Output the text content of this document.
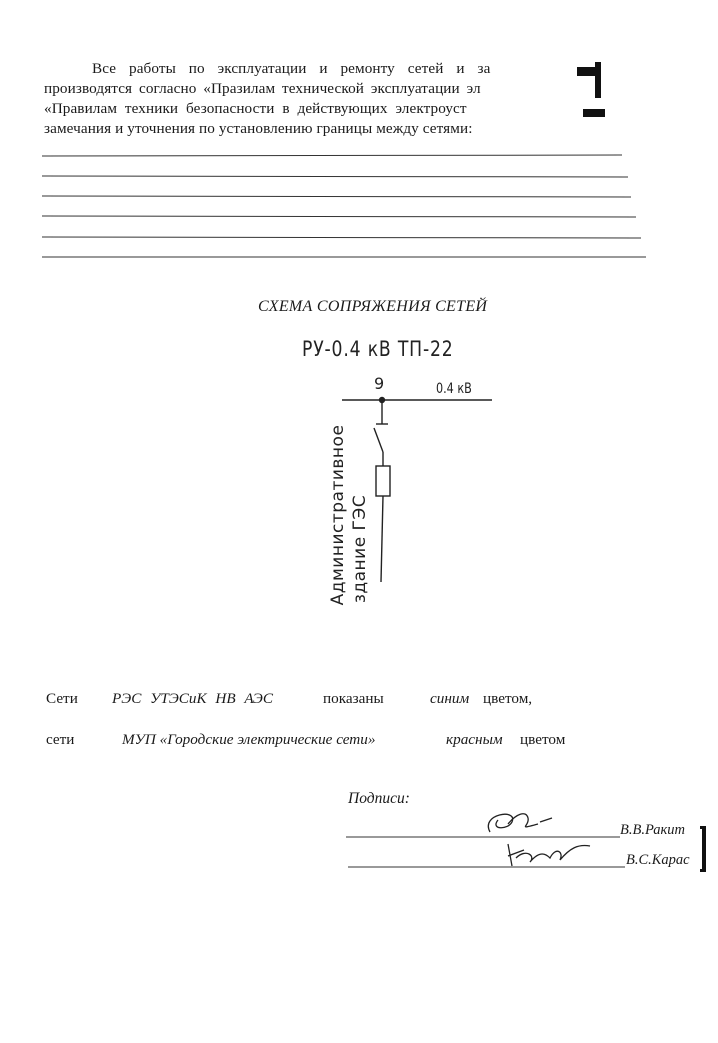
Все работы по эксплуатации и ремонту сетей и за
производятся согласно «Празилам технической эксплуатации эл
«Правилам техники безопасности в действующих электроуст
замечания и уточнения по установлению границы между сетями:
СХЕМА СОПРЯЖЕНИЯ СЕТЕЙ
РУ-0.4 кВ ТП-22
9	0.4 кВ
Административное здание ГЭС
Сети РЭС УТЭСиК НВ АЭС	показаны	синим цветом,
сети	МУП «Городские электрические сети»	красным цветом
Подписи:
В.В.Ракит
В.С.Карас
